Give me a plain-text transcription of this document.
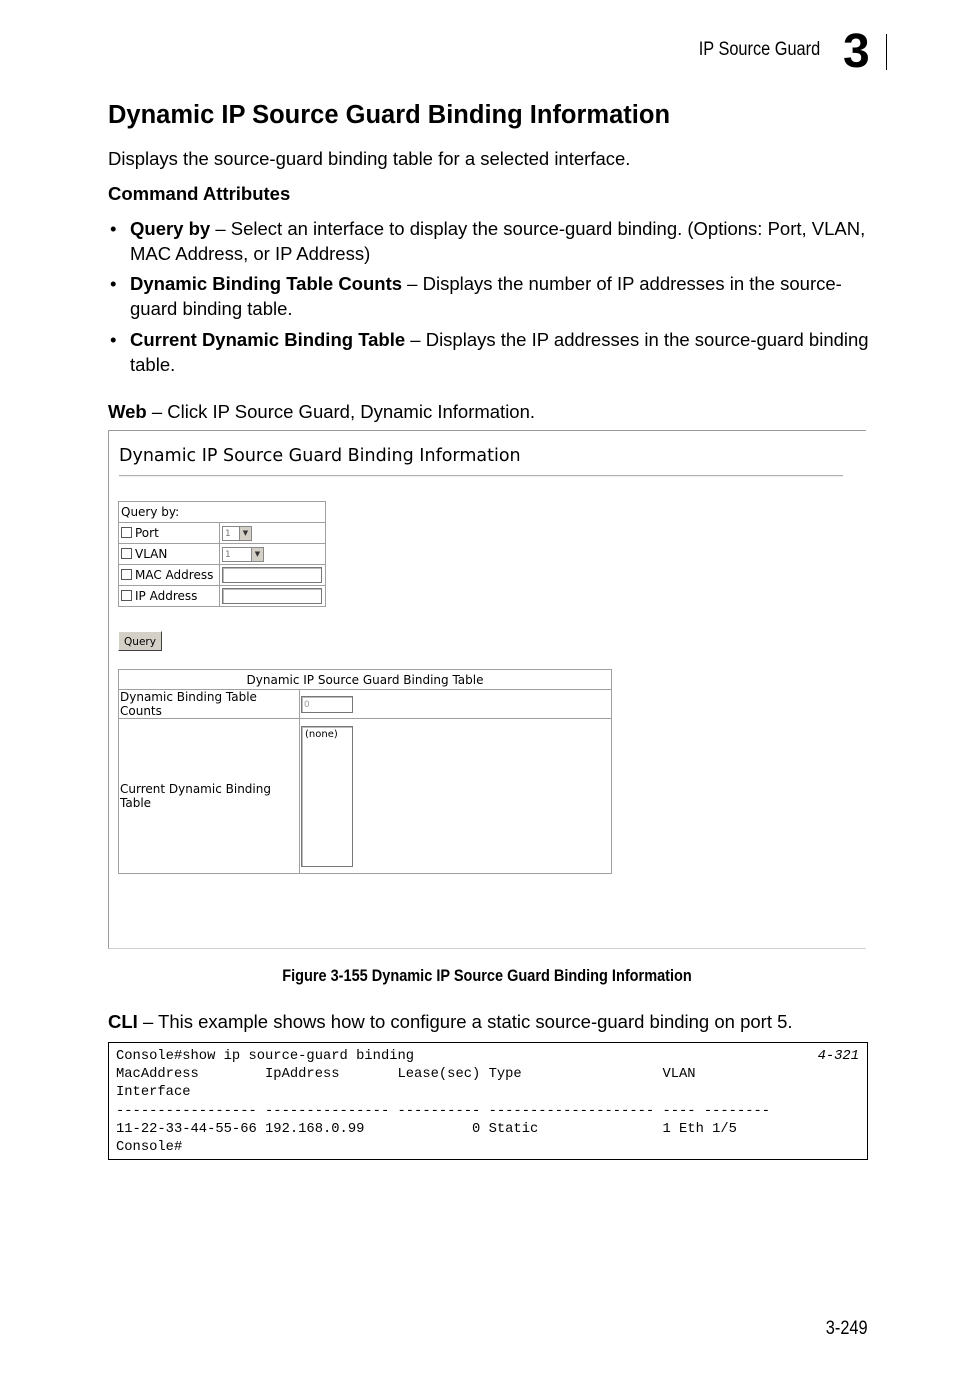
IP Source Guard 3
Dynamic IP Source Guard Binding Information
Displays the source-guard binding table for a selected interface.
Command Attributes
• Query by – Select an interface to display the source-guard binding. (Options: Port, VLAN, MAC Address, or IP Address)
• Dynamic Binding Table Counts – Displays the number of IP addresses in the source-guard binding table.
• Current Dynamic Binding Table – Displays the IP addresses in the source-guard binding table.
Web – Click IP Source Guard, Dynamic Information.
Dynamic IP Source Guard Binding Information
Query by:	
Port	1 ▼

VLAN	1 ▼

MAC Address	
IP Address	
Query
Dynamic IP Source Guard Binding Table	
Dynamic Binding Table Counts	0
Current Dynamic Binding Table	(none)
Figure 3-155 Dynamic IP Source Guard Binding Information
CLI – This example shows how to configure a static source-guard binding on port 5.
Console#show ip source-guard binding
MacAddress        IpAddress       Lease(sec) Type                 VLAN
Interface
----------------- --------------- ---------- -------------------- ---- --------
11-22-33-44-55-66 192.168.0.99             0 Static               1 Eth 1/5
Console#
4-321
3-249
